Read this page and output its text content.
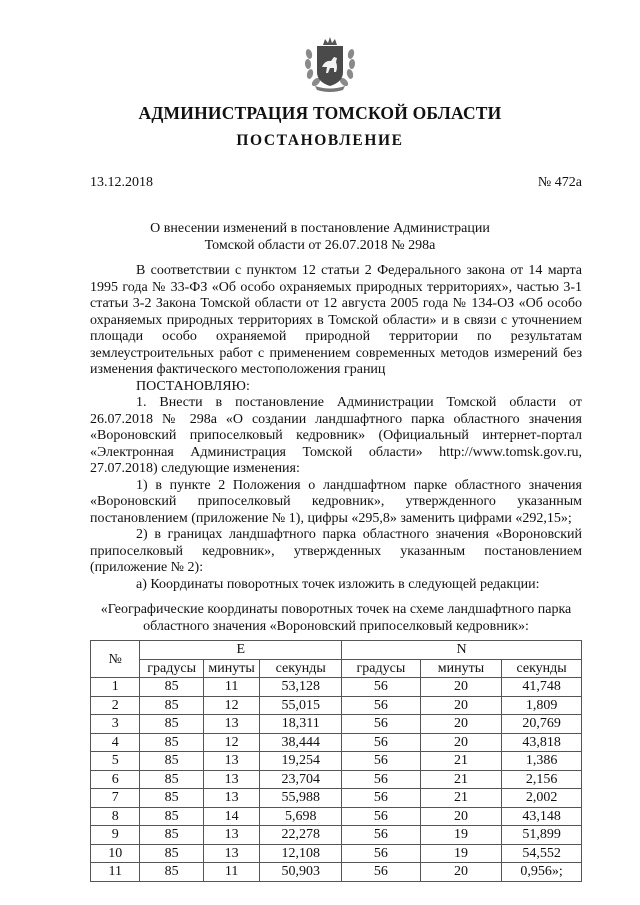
АДМИНИСТРАЦИЯ ТОМСКОЙ ОБЛАСТИ
ПОСТАНОВЛЕНИЕ
13.12.2018	№ 472а
О внесении изменений в постановление Администрации
Томской области от 26.07.2018 № 298а

В соответствии с пунктом 12 статьи 2 Федерального закона от 14 марта 1995 года № 33-ФЗ «Об особо охраняемых природных территориях», частью 3-1 статьи 3-2 Закона Томской области от 12 августа 2005 года № 134-ОЗ «Об особо охраняемых природных территориях в Томской области» и в связи с уточнением площади особо охраняемой природной территории по результатам землеустроительных работ с применением современных методов измерений без изменения фактического местоположения границ

ПОСТАНОВЛЯЮ:

1. Внести в постановление Администрации Томской области от 26.07.2018 № 298а «О создании ландшафтного парка областного значения «Вороновский припоселковый кедровник» (Официальный интернет-портал «Электронная Администрация Томской области» http://www.tomsk.gov.ru, 27.07.2018) следующие изменения:

1) в пункте 2 Положения о ландшафтном парке областного значения «Вороновский припоселковый кедровник», утвержденного указанным постановлением (приложение № 1), цифры «295,8» заменить цифрами «292,15»;

2) в границах ландшафтного парка областного значения «Вороновский припоселковый кедровник», утвержденных указанным постановлением (приложение № 2):

а) Координаты поворотных точек изложить в следующей редакции:

«Географические координаты поворотных точек на схеме ландшафтного парка
областного значения «Вороновский припоселковый кедровник»:
№	E			N		
	градусы	минуты	секунды	градусы	минуты	секунды
1	85	11	53,128	56	20	41,748
2	85	12	55,015	56	20	1,809
3	85	13	18,311	56	20	20,769
4	85	12	38,444	56	20	43,818
5	85	13	19,254	56	21	1,386
6	85	13	23,704	56	21	2,156
7	85	13	55,988	56	21	2,002
8	85	14	5,698	56	20	43,148
9	85	13	22,278	56	19	51,899
10	85	13	12,108	56	19	54,552
11	85	11	50,903	56	20	0,956»;
